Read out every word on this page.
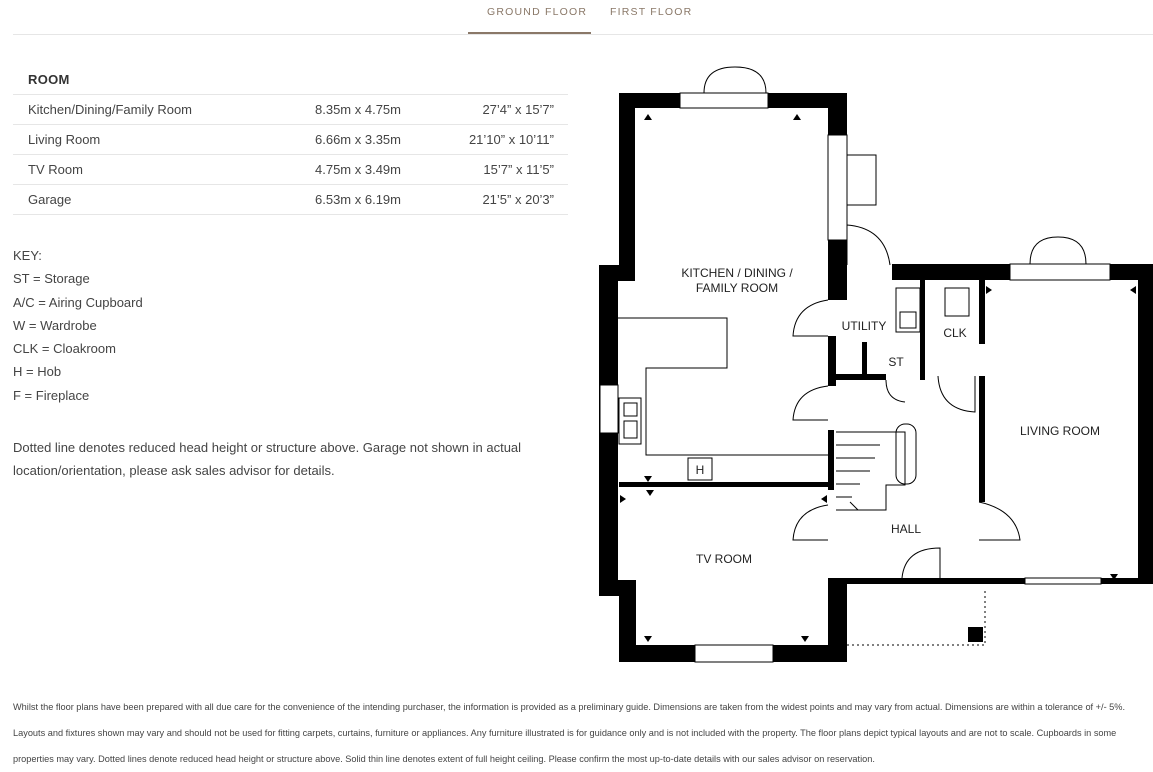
GROUND FLOOR FIRST FLOOR
ROOM
Kitchen/Dining/Family Room	8.35m x 4.75m	27’4” x 15’7”
Living Room	6.66m x 3.35m	21’10” x 10’11”
TV Room	4.75m x 3.49m	15’7” x 11’5”
Garage	6.53m x 6.19m	21’5” x 20’3”
KEY:
ST = Storage
A/C = Airing Cupboard
W = Wardrobe
CLK = Cloakroom
H = Hob
F = Fireplace
Dotted line denotes reduced head height or structure above. Garage not shown in actual location/orientation, please ask sales advisor for details.
KITCHEN / DINING /
FAMILY ROOM
UTILITY	CLK
ST
LIVING ROOM
HALL
TV ROOM
H
Whilst the floor plans have been prepared with all due care for the convenience of the intending purchaser, the information is provided as a preliminary guide. Dimensions are taken from the widest points and may vary from actual. Dimensions are within a tolerance of +/- 5%. Layouts and fixtures shown may vary and should not be used for fitting carpets, curtains, furniture or appliances. Any furniture illustrated is for guidance only and is not included with the property. The floor plans depict typical layouts and are not to scale. Cupboards in some properties may vary. Dotted lines denote reduced head height or structure above. Solid thin line denotes extent of full height ceiling. Please confirm the most up-to-date details with our sales advisor on reservation.
